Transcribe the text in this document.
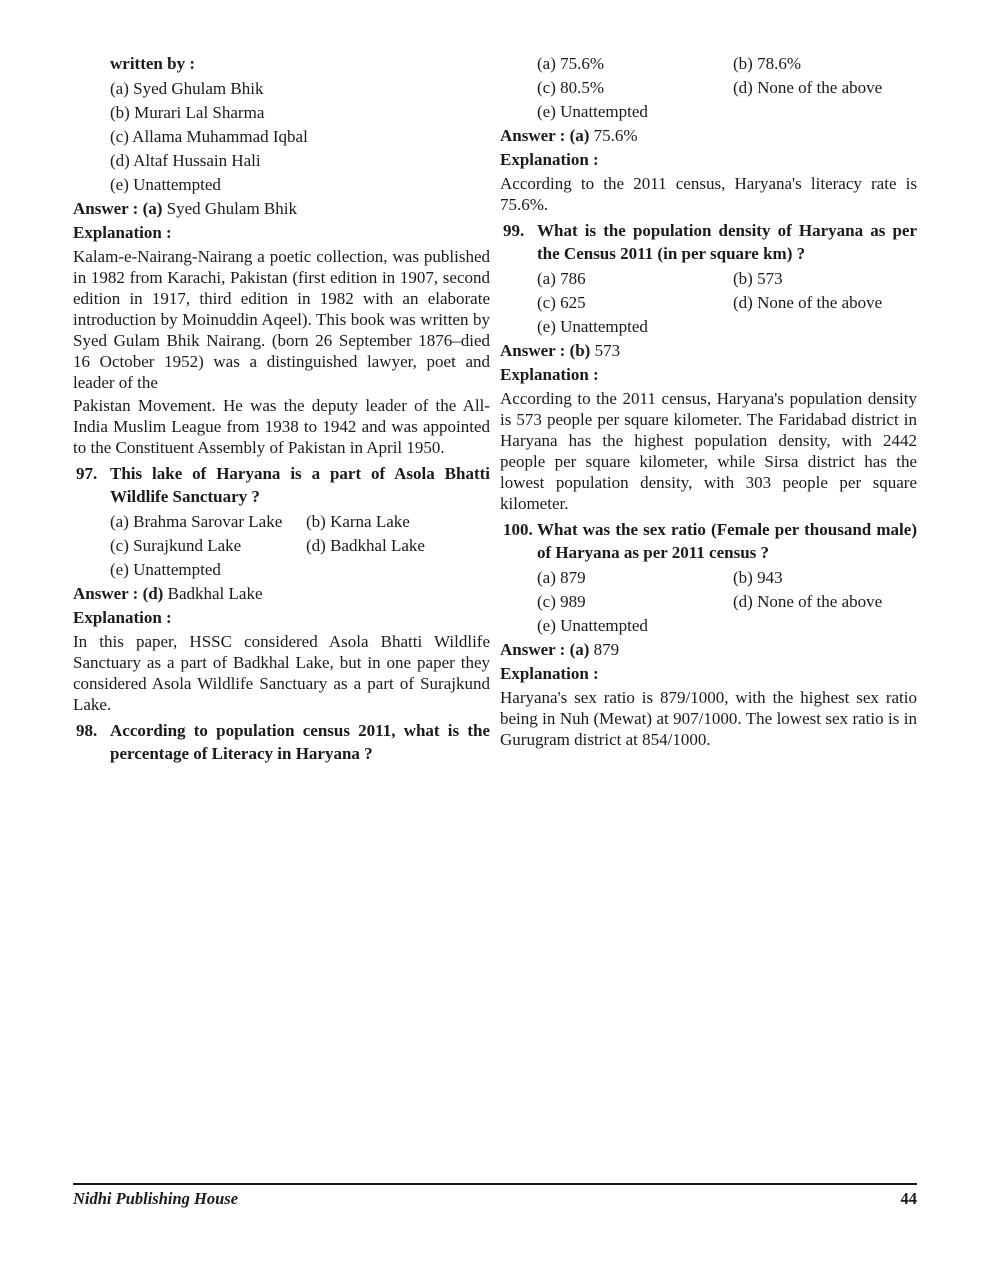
written by :
(a) Syed Ghulam Bhik
(b) Murari Lal Sharma
(c) Allama Muhammad Iqbal
(d) Altaf Hussain Hali
(e) Unattempted
Answer : (a) Syed Ghulam Bhik
Explanation :
Kalam-e-Nairang-Nairang a poetic collection, was published in 1982 from Karachi, Pakistan (first edition in 1907, second edition in 1917, third edition in 1982 with an elaborate introduction by Moinuddin Aqeel). This book was written by Syed Gulam Bhik Nairang. (born 26 September 1876–died 16 October 1952) was a distinguished lawyer, poet and leader of the
Pakistan Movement. He was the deputy leader of the All-India Muslim League from 1938 to 1942 and was appointed to the Constituent Assembly of Pakistan in April 1950.
97. This lake of Haryana is a part of Asola Bhatti Wildlife Sanctuary ?
(a) Brahma Sarovar Lake	(b) Karna Lake
(c) Surajkund Lake	(d) Badkhal Lake
(e) Unattempted
Answer : (d) Badkhal Lake
Explanation :
In this paper, HSSC considered Asola Bhatti Wildlife Sanctuary as a part of Badkhal Lake, but in one paper they considered Asola Wildlife Sanctuary as a part of Surajkund Lake.
98. According to population census 2011, what is the percentage of Literacy in Haryana ?
(a) 75.6%	(b) 78.6%
(c) 80.5%	(d) None of the above
(e) Unattempted
Answer : (a) 75.6%
Explanation :
According to the 2011 census, Haryana's literacy rate is 75.6%.
99. What is the population density of Haryana as per the Census 2011 (in per square km) ?
(a) 786	(b) 573
(c) 625	(d) None of the above
(e) Unattempted
Answer : (b) 573
Explanation :
According to the 2011 census, Haryana's population density is 573 people per square kilometer. The Faridabad district in Haryana has the highest population density, with 2442 people per square kilometer, while Sirsa district has the lowest population density, with 303 people per square kilometer.
100. What was the sex ratio (Female per thousand male) of Haryana as per 2011 census ?
(a) 879	(b) 943
(c) 989	(d) None of the above
(e) Unattempted
Answer : (a) 879
Explanation :
Haryana's sex ratio is 879/1000, with the highest sex ratio being in Nuh (Mewat) at 907/1000. The lowest sex ratio is in Gurugram district at 854/1000.
Nidhi Publishing House	44
